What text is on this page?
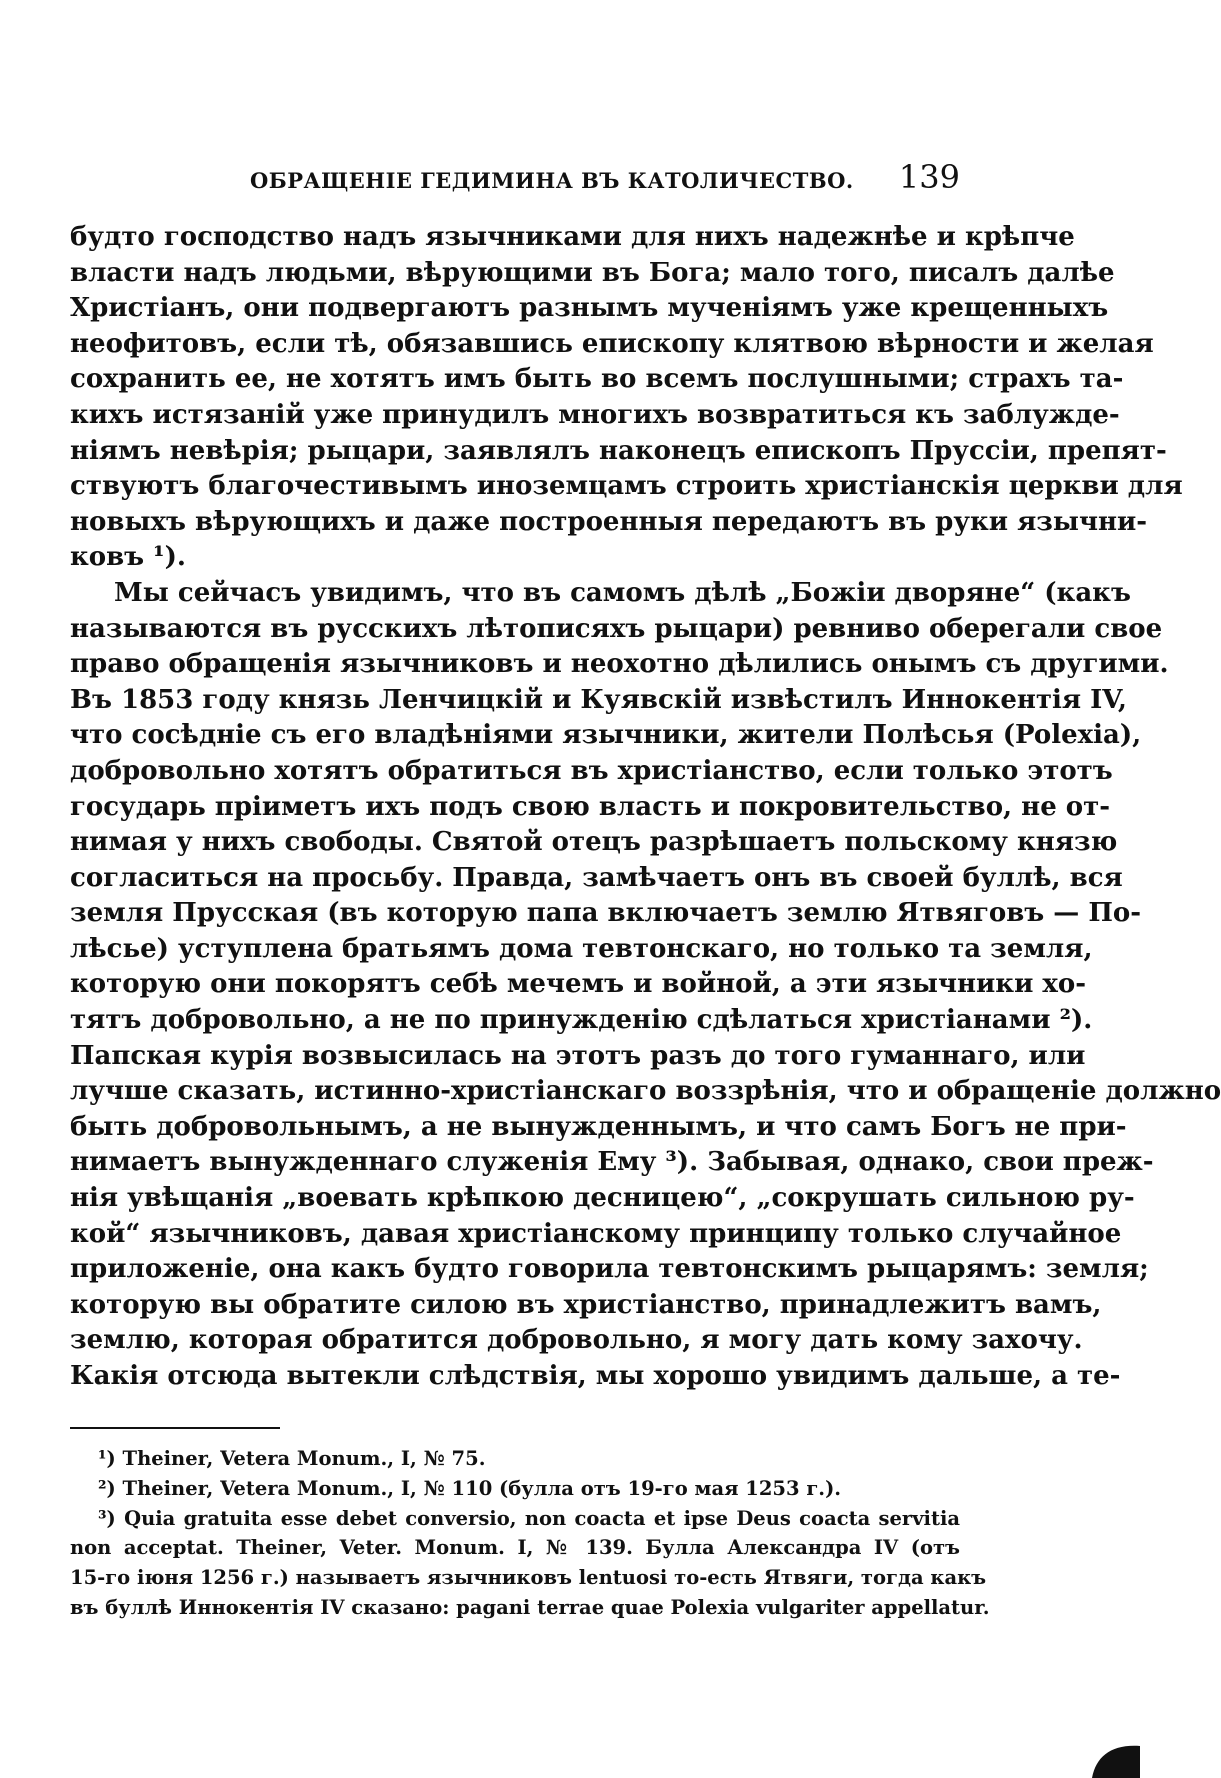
ОБРАЩЕНІЕ ГЕДИМИНА ВЪ КАТОЛИЧЕСТВО. 139
будто господство надъ язычниками для нихъ надежнѣе и крѣпче
власти надъ людьми, вѣрующими въ Бога; мало того, писалъ далѣе
Христіанъ, они подвергаютъ разнымъ мученіямъ уже крещенныхъ
неофитовъ, если тѣ, обязавшись епископу клятвою вѣрности и желая
сохранить ее, не хотятъ имъ быть во всемъ послушными; страхъ та-
кихъ истязаній уже принудилъ многихъ возвратиться къ заблужде-
ніямъ невѣрія; рыцари, заявлялъ наконецъ епископъ Пруссіи, препят-
ствуютъ благочестивымъ иноземцамъ строить христіанскія церкви для
новыхъ вѣрующихъ и даже построенныя передаютъ въ руки язычни-
ковъ ¹).
Мы сейчасъ увидимъ, что въ самомъ дѣлѣ „Божіи дворяне“ (какъ
называются въ русскихъ лѣтописяхъ рыцари) ревниво оберегали свое
право обращенія язычниковъ и неохотно дѣлились онымъ съ другими.
Въ 1853 году князь Ленчицкій и Куявскій извѣстилъ Иннокентія IV,
что сосѣдніе съ его владѣніями язычники, жители Полѣсья (Polexia),
добровольно хотятъ обратиться въ христіанство, если только этотъ
государь пріиметъ ихъ подъ свою власть и покровительство, не от-
нимая у нихъ свободы. Святой отецъ разрѣшаетъ польскому князю
согласиться на просьбу. Правда, замѣчаетъ онъ въ своей буллѣ, вся
земля Прусская (въ которую папа включаетъ землю Ятвяговъ — По-
лѣсье) уступлена братьямъ дома тевтонскаго, но только та земля,
которую они покорятъ себѣ мечемъ и войной, а эти язычники хо-
тятъ добровольно, а не по принужденію сдѣлаться христіанами ²).
Папская курія возвысилась на этотъ разъ до того гуманнаго, или
лучше сказать, истинно-христіанскаго воззрѣнія, что и обращеніе должно
быть добровольнымъ, а не вынужденнымъ, и что самъ Богъ не при-
нимаетъ вынужденнаго служенія Ему ³). Забывая, однако, свои преж-
нія увѣщанія „воевать крѣпкою десницею“, „сокрушать сильною ру-
кой“ язычниковъ, давая христіанскому принципу только случайное
приложеніе, она какъ будто говорила тевтонскимъ рыцарямъ: земля;
которую вы обратите силою въ христіанство, принадлежитъ вамъ,
землю, которая обратится добровольно, я могу дать кому захочу.
Какія отсюда вытекли слѣдствія, мы хорошо увидимъ дальше, а те-
¹) Theiner, Vetera Monum., I, № 75.
²) Theiner, Vetera Monum., I, № 110 (булла отъ 19-го мая 1253 г.).
³) Quia gratuita esse debet conversio, non coacta et ipse Deus coacta servitia
non acceptat. Theiner, Veter. Monum. I, № 139. Булла Александра IV (отъ
15-го іюня 1256 г.) называетъ язычниковъ lentuosi то-есть Ятвяги, тогда какъ
въ буллѣ Иннокентія IV сказано: pagani terrae quae Polexia vulgariter appellatur.
